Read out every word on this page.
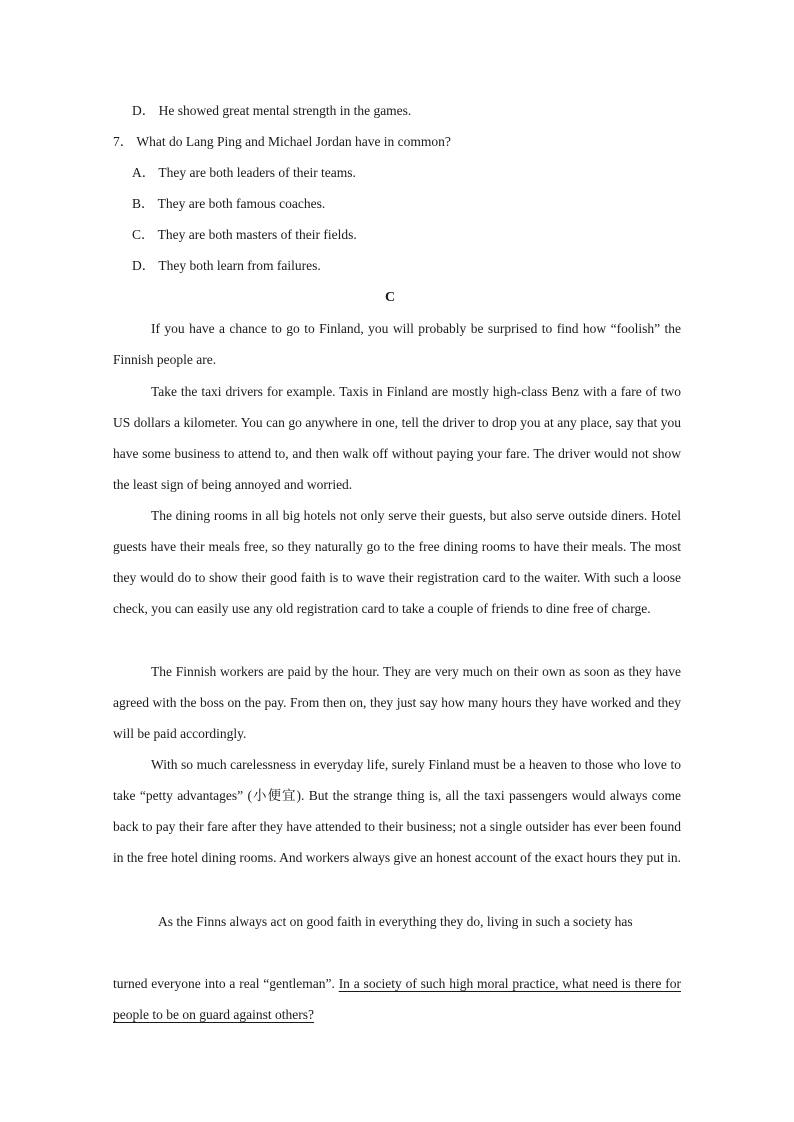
D． He showed great mental strength in the games.
7． What do Lang Ping and Michael Jordan have in common?
A． They are both leaders of their teams.
B． They are both famous coaches.
C． They are both masters of their fields.
D． They both learn from failures.
C
If you have a chance to go to Finland, you will probably be surprised to find how “foolish” the Finnish people are.
Take the taxi drivers for example. Taxis in Finland are mostly high-class Benz with a fare of two US dollars a kilometer. You can go anywhere in one, tell the driver to drop you at any place, say that you have some business to attend to, and then walk off without paying your fare. The driver would not show the least sign of being annoyed and worried.
The dining rooms in all big hotels not only serve their guests, but also serve outside diners. Hotel guests have their meals free, so they naturally go to the free dining rooms to have their meals. The most they would do to show their good faith is to wave their registration card to the waiter. With such a loose check, you can easily use any old registration card to take a couple of friends to dine free of charge.
The Finnish workers are paid by the hour. They are very much on their own as soon as they have agreed with the boss on the pay. From then on, they just say how many hours they have worked and they will be paid accordingly.
With so much carelessness in everyday life, surely Finland must be a heaven to those who love to take “petty advantages” (小便宜). But the strange thing is, all the taxi passengers would always come back to pay their fare after they have attended to their business; not a single outsider has ever been found in the free hotel dining rooms. And workers always give an honest account of the exact hours they put in.
As the Finns always act on good faith in everything they do, living in such a society has
turned everyone into a real “gentleman”. In a society of such high moral practice, what need is there for people to be on guard against others?
